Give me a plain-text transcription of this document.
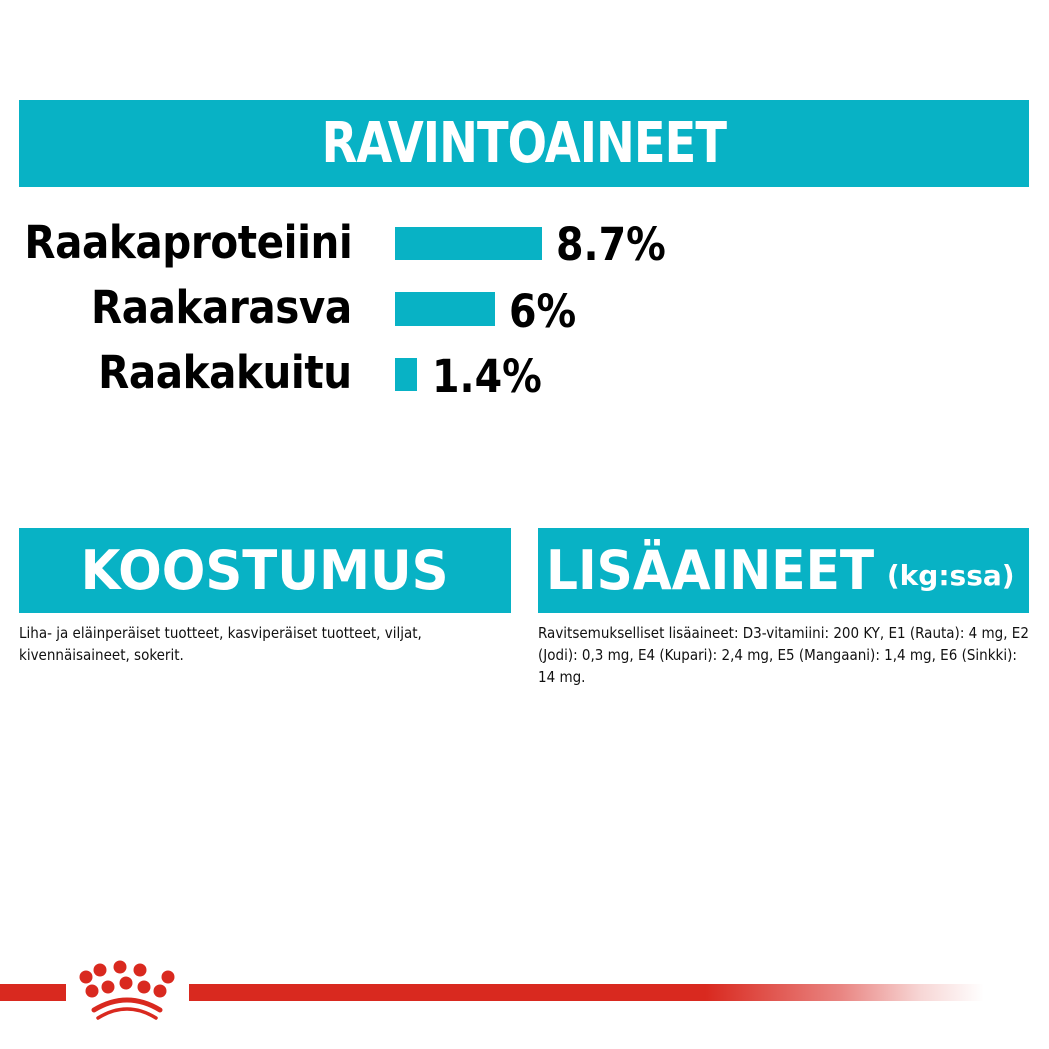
RAVINTOAINEET
Raakaproteiini	8.7%
Raakarasva	6%
Raakakuitu 1.4%
KOOSTUMUS
Liha- ja eläinperäiset tuotteet, kasviperäiset tuotteet, viljat, kivennäisaineet, sokerit.
LISÄAINEET (kg:ssa)
Ravitsemukselliset lisäaineet: D3-vitamiini: 200 KY, E1 (Rauta): 4 mg, E2 (Jodi): 0,3 mg, E4 (Kupari): 2,4 mg, E5 (Mangaani): 1,4 mg, E6 (Sinkki): 14 mg.
